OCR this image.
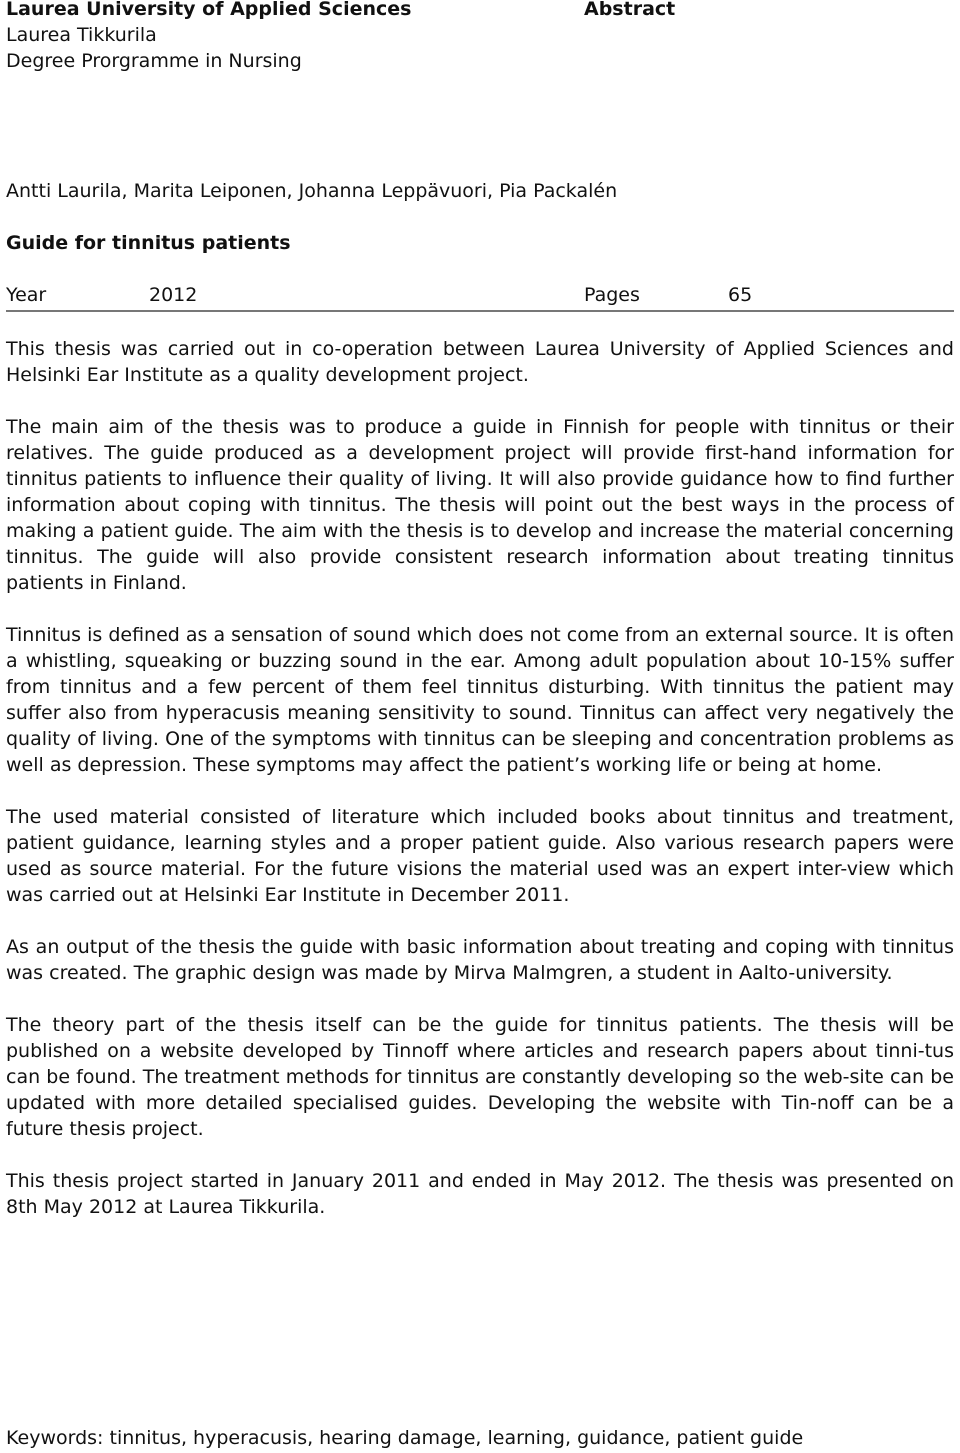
Laurea University of Applied Sciences
Laurea Tikkurila
Degree Prorgramme in Nursing
Abstract
Antti Laurila, Marita Leiponen, Johanna Leppävuori, Pia Packalén
Guide for tinnitus patients
Year	2012	Pages	65

This thesis was carried out in co-operation between Laurea University of Applied Sciences and Helsinki Ear Institute as a quality development project.

The main aim of the thesis was to produce a guide in Finnish for people with tinnitus or their relatives. The guide produced as a development project will provide first-hand information for tinnitus patients to influence their quality of living. It will also provide guidance how to find further information about coping with tinnitus. The thesis will point out the best ways in the process of making a patient guide. The aim with the thesis is to develop and increase the material concerning tinnitus. The guide will also provide consistent research information about treating tinnitus patients in Finland.

Tinnitus is defined as a sensation of sound which does not come from an external source. It is often a whistling, squeaking or buzzing sound in the ear. Among adult population about 10-15% suffer from tinnitus and a few percent of them feel tinnitus disturbing. With tinnitus the patient may suffer also from hyperacusis meaning sensitivity to sound. Tinnitus can affect very negatively the quality of living. One of the symptoms with tinnitus can be sleeping and concentration problems as well as depression. These symptoms may affect the patient’s working life or being at home.

The used material consisted of literature which included books about tinnitus and treatment, patient guidance, learning styles and a proper patient guide. Also various research papers were used as source material. For the future visions the material used was an expert inter-view which was carried out at Helsinki Ear Institute in December 2011.

As an output of the thesis the guide with basic information about treating and coping with tinnitus was created. The graphic design was made by Mirva Malmgren, a student in Aalto-university.

The theory part of the thesis itself can be the guide for tinnitus patients. The thesis will be published on a website developed by Tinnoff where articles and research papers about tinni-tus can be found. The treatment methods for tinnitus are constantly developing so the web-site can be updated with more detailed specialised guides. Developing the website with Tin-noff can be a future thesis project.

This thesis project started in January 2011 and ended in May 2012. The thesis was presented on 8th May 2012 at Laurea Tikkurila.

Keywords: tinnitus, hyperacusis, hearing damage, learning, guidance, patient guide
